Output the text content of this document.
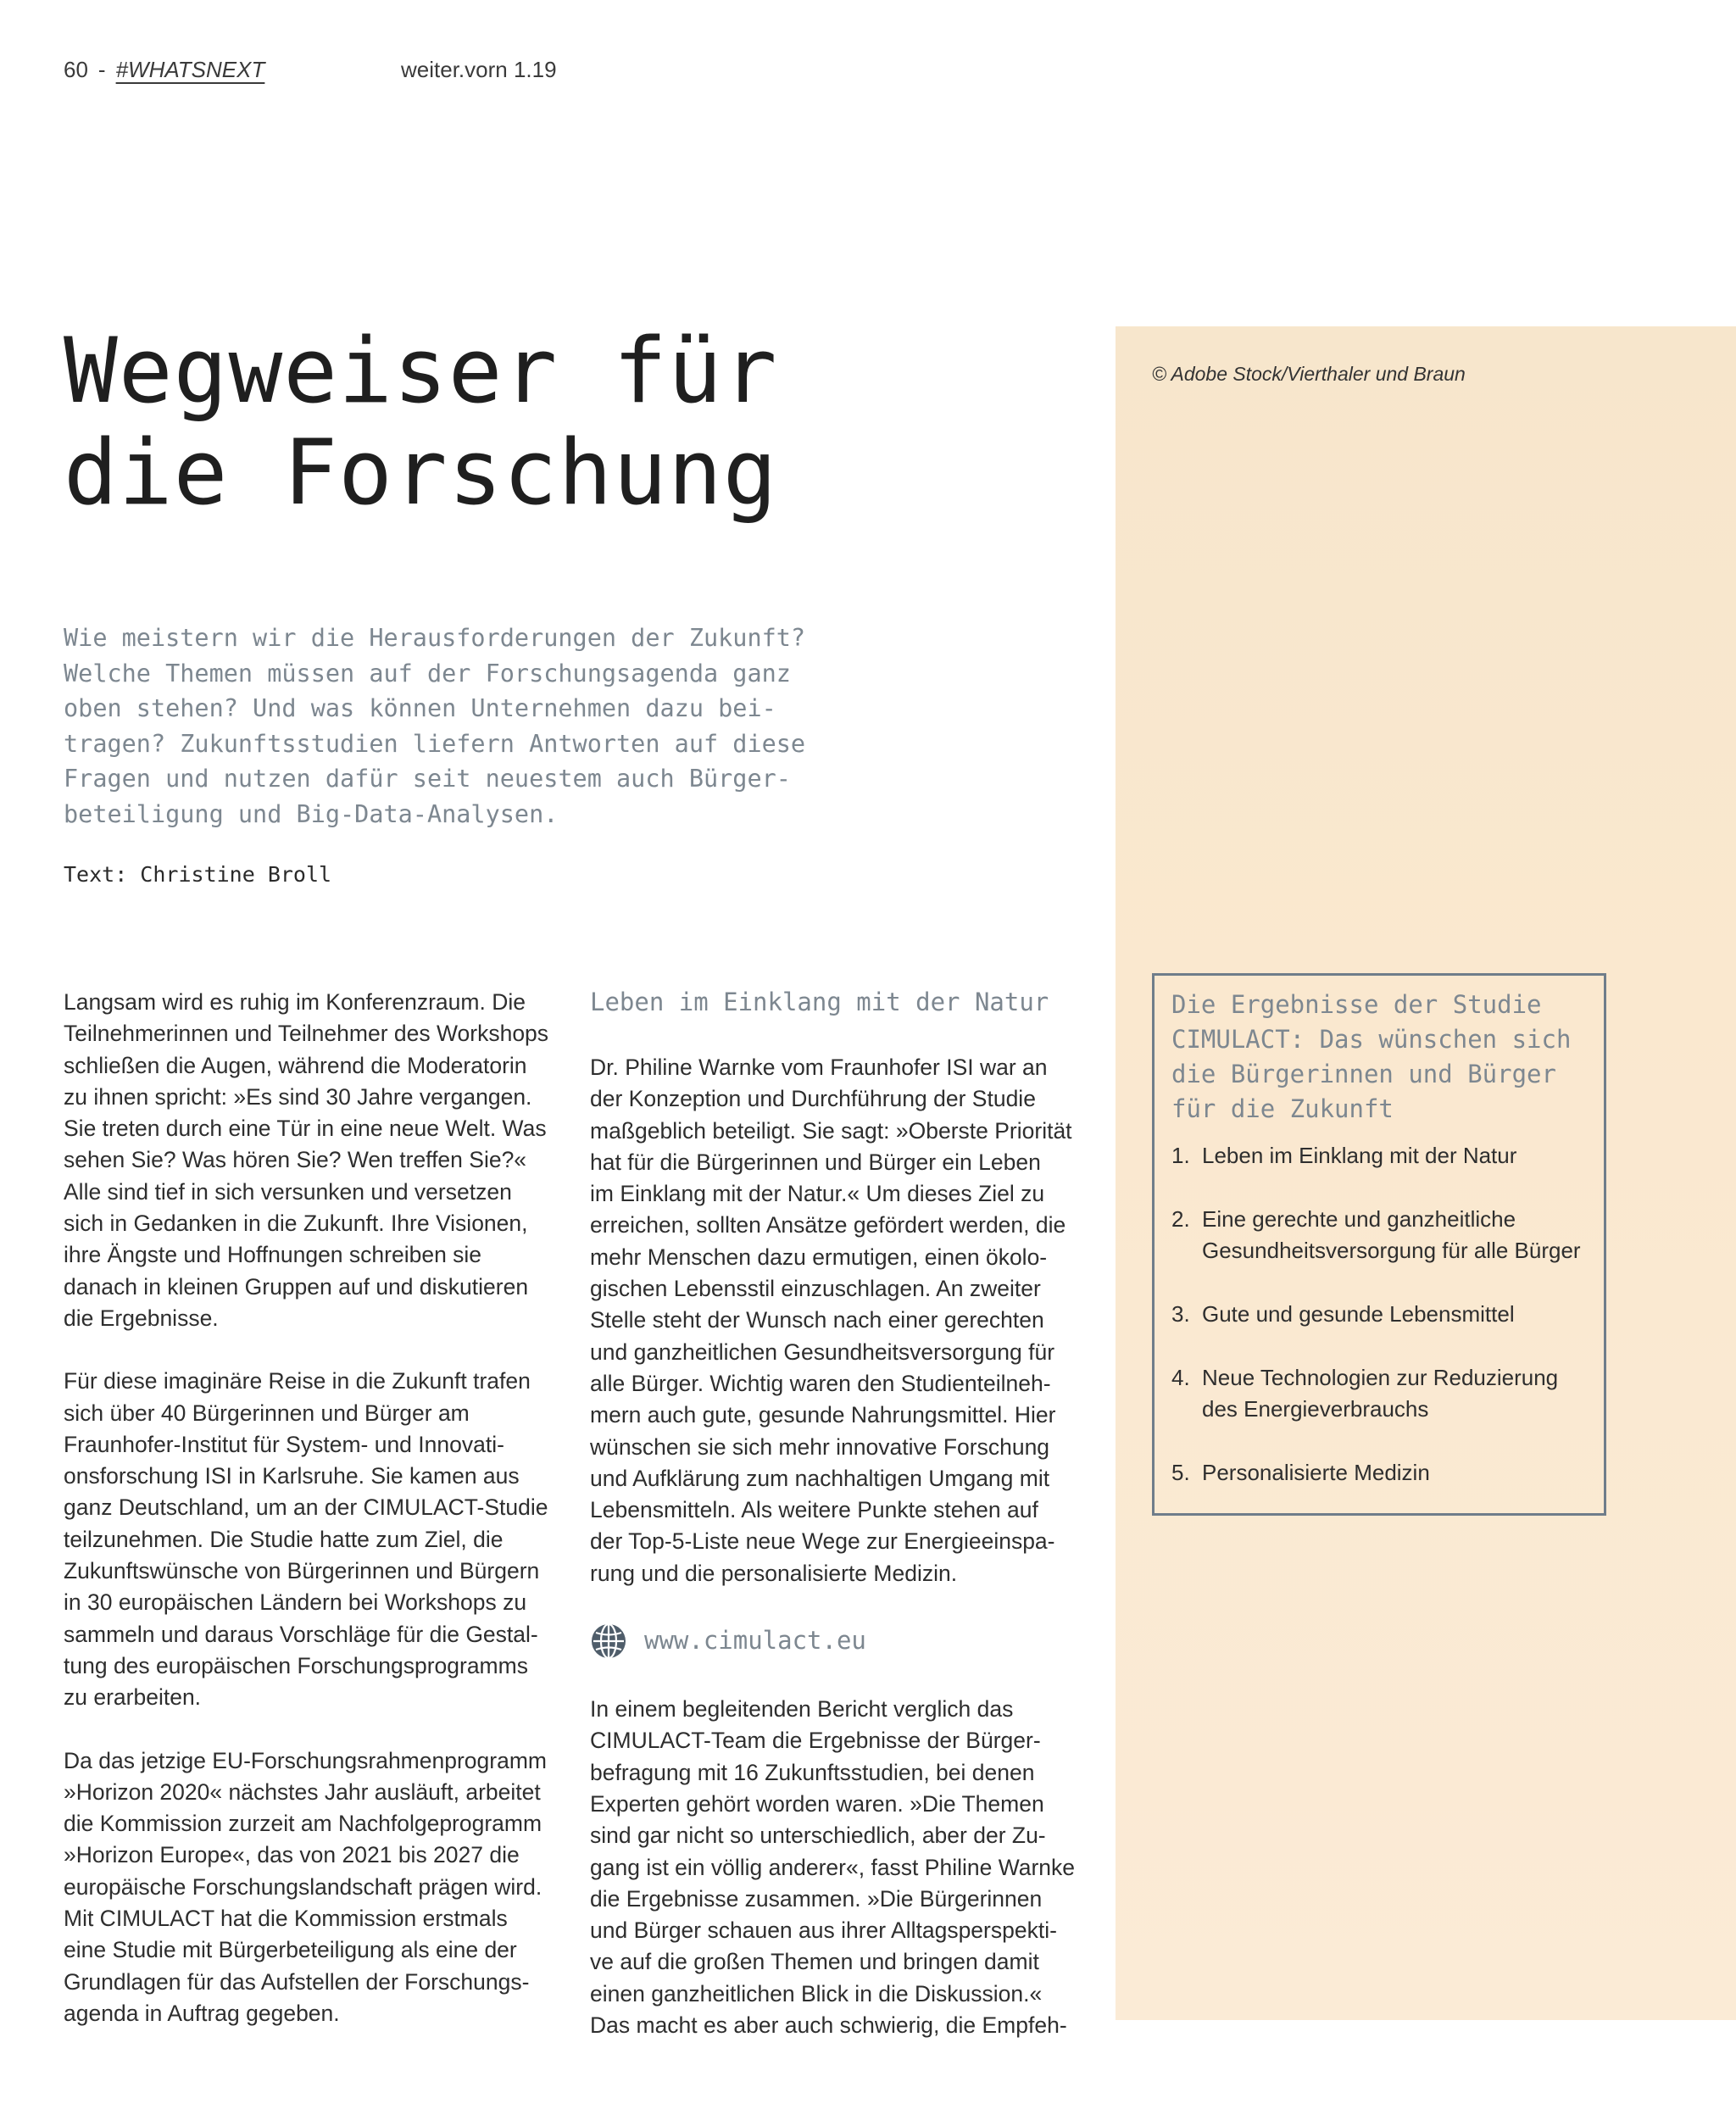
60 - #WHATSNEXT	weiter.vorn 1.19
© Adobe Stock/Vierthaler und Braun
Wegweiser für
die Forschung

Wie meistern wir die Herausforderungen der Zukunft?
Welche Themen müssen auf der Forschungsagenda ganz
oben stehen? Und was können Unternehmen dazu bei-
tragen? Zukunftsstudien liefern Antworten auf diese
Fragen und nutzen dafür seit neuestem auch Bürger-
beteiligung und Big-Data-Analysen.

Text: Christine Broll

Langsam wird es ruhig im Konferenzraum. Die
Teilnehmerinnen und Teilnehmer des Workshops
schließen die Augen, während die Moderatorin
zu ihnen spricht: »Es sind 30 Jahre vergangen.
Sie treten durch eine Tür in eine neue Welt. Was
sehen Sie? Was hören Sie? Wen treffen Sie?«
Alle sind tief in sich versunken und versetzen
sich in Gedanken in die Zukunft. Ihre Visionen,
ihre Ängste und Hoffnungen schreiben sie
danach in kleinen Gruppen auf und diskutieren
die Ergebnisse.

Für diese imaginäre Reise in die Zukunft trafen
sich über 40 Bürgerinnen und Bürger am
Fraunhofer-Institut für System- und Innovati-
onsforschung ISI in Karlsruhe. Sie kamen aus
ganz Deutschland, um an der CIMULACT-Studie
teilzunehmen. Die Studie hatte zum Ziel, die
Zukunftswünsche von Bürgerinnen und Bürgern
in 30 europäischen Ländern bei Workshops zu
sammeln und daraus Vorschläge für die Gestal-
tung des europäischen Forschungsprogramms
zu erarbeiten.

Da das jetzige EU-Forschungsrahmenprogramm
»Horizon 2020« nächstes Jahr ausläuft, arbeitet
die Kommission zurzeit am Nachfolgeprogramm
»Horizon Europe«, das von 2021 bis 2027 die
europäische Forschungslandschaft prägen wird.
Mit CIMULACT hat die Kommission erstmals
eine Studie mit Bürgerbeteiligung als eine der
Grundlagen für das Aufstellen der Forschungs-
agenda in Auftrag gegeben.

Leben im Einklang mit der Natur

Dr. Philine Warnke vom Fraunhofer ISI war an
der Konzeption und Durchführung der Studie
maßgeblich beteiligt. Sie sagt: »Oberste Priorität
hat für die Bürgerinnen und Bürger ein Leben
im Einklang mit der Natur.« Um dieses Ziel zu
erreichen, sollten Ansätze gefördert werden, die
mehr Menschen dazu ermutigen, einen ökolo-
gischen Lebensstil einzuschlagen. An zweiter
Stelle steht der Wunsch nach einer gerechten
und ganzheitlichen Gesundheitsversorgung für
alle Bürger. Wichtig waren den Studienteilneh-
mern auch gute, gesunde Nahrungsmittel. Hier
wünschen sie sich mehr innovative Forschung
und Aufklärung zum nachhaltigen Umgang mit
Lebensmitteln. Als weitere Punkte stehen auf
der Top-5-Liste neue Wege zur Energieeinspa-
rung und die personalisierte Medizin.

www.cimulact.eu

In einem begleitenden Bericht verglich das
CIMULACT-Team die Ergebnisse der Bürger-
befragung mit 16 Zukunftsstudien, bei denen
Experten gehört worden waren. »Die Themen
sind gar nicht so unterschiedlich, aber der Zu-
gang ist ein völlig anderer«, fasst Philine Warnke
die Ergebnisse zusammen. »Die Bürgerinnen
und Bürger schauen aus ihrer Alltagsperspekti-
ve auf die großen Themen und bringen damit
einen ganzheitlichen Blick in die Diskussion.«
Das macht es aber auch schwierig, die Empfeh-

Die Ergebnisse der Studie
CIMULACT: Das wünschen sich
die Bürgerinnen und Bürger
für die Zukunft
1. Leben im Einklang mit der Natur
2. Eine gerechte und ganzheitliche Gesundheitsversorgung für alle Bürger
3. Gute und gesunde Lebensmittel
4. Neue Technologien zur Reduzierung des Energieverbrauchs
5. Personalisierte Medizin
